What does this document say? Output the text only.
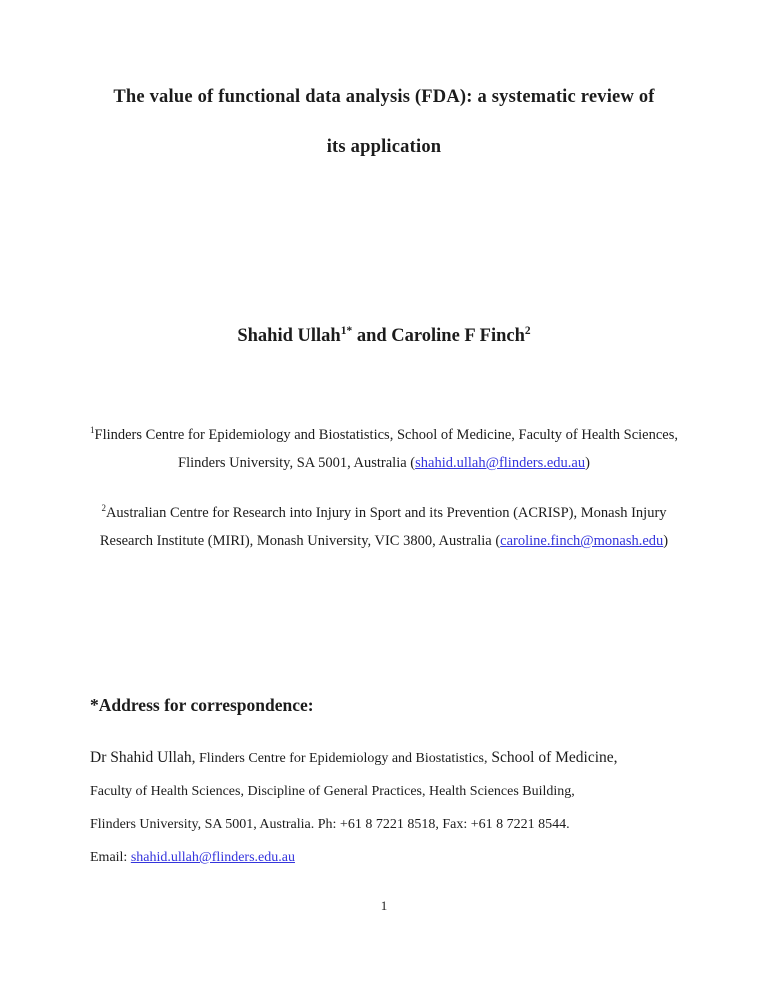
The value of functional data analysis (FDA): a systematic review of
its application
Shahid Ullah$^{1*}$ and Caroline F Finch$^2$
$^1$Flinders Centre for Epidemiology and Biostatistics, School of Medicine, Faculty of Health Sciences,
Flinders University, SA 5001, Australia (shahid.ullah@flinders.edu.au)
$^2$Australian Centre for Research into Injury in Sport and its Prevention (ACRISP), Monash Injury
Research Institute (MIRI), Monash University, VIC 3800, Australia (caroline.finch@monash.edu)
*Address for correspondence:
Dr Shahid Ullah, Flinders Centre for Epidemiology and Biostatistics, School of Medicine,
Faculty of Health Sciences, Discipline of General Practices, Health Sciences Building,
Flinders University, SA 5001, Australia. Ph: +61 8 7221 8518, Fax: +61 8 7221 8544.
Email: shahid.ullah@flinders.edu.au
1
